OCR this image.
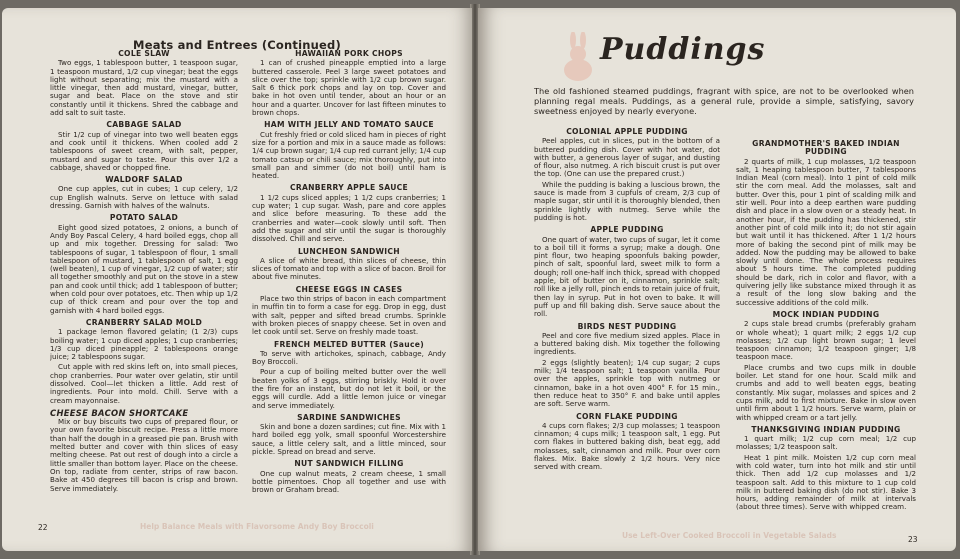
Meats and Entrees (Continued)
COLE SLAW

Two eggs, 1 tablespoon butter, 1 teaspoon sugar, 1 teaspoon mustard, 1/2 cup vinegar; beat the eggs light without separating; mix the mustard with a little vinegar, then add mustard, vinegar, butter, sugar and beat. Place on the stove and stir constantly until it thickens. Shred the cabbage and add salt to suit taste.

CABBAGE SALAD

Stir 1/2 cup of vinegar into two well beaten eggs and cook until it thickens. When cooled add 2 tablespoons of sweet cream, with salt, pepper, mustard and sugar to taste. Pour this over 1/2 a cabbage, shaved or chopped fine.

WALDORF SALAD

One cup apples, cut in cubes; 1 cup celery, 1/2 cup English walnuts. Serve on lettuce with salad dressing. Garnish with halves of the walnuts.

POTATO SALAD

Eight good sized potatoes, 2 onions, a bunch of Andy Boy Pascal Celery, 4 hard boiled eggs, chop all up and mix together. Dressing for salad: Two tablespoons of sugar, 1 tablespoon of flour, 1 small tablespoon of mustard, 1 tablespoon of salt, 1 egg (well beaten), 1 cup of vinegar, 1/2 cup of water; stir all together smoothly and put on the stove in a stew pan and cook until thick; add 1 tablespoon of butter; when cold pour over potatoes, etc. Then whip up 1/2 cup of thick cream and pour over the top and garnish with 4 hard boiled eggs.

CRANBERRY SALAD MOLD

1 package lemon flavored gelatin; (1 2/3) cups boiling water; 1 cup diced apples; 1 cup cranberries; 1/3 cup diced pineapple; 2 tablespoons orange juice; 2 tablespoons sugar.

Cut apple with red skins left on, into small pieces, chop cranberries. Pour water over gelatin, stir until dissolved. Cool—let thicken a little. Add rest of ingredients. Pour into mold. Chill. Serve with a cream mayonnaise.

CHEESE BACON SHORTCAKE

Mix or buy biscuits two cups of prepared flour, or your own favorite biscuit recipe. Press a little more than half the dough in a greased pie pan. Brush with melted butter and cover with thin slices of easy melting cheese. Pat out rest of dough into a circle a little smaller than bottom layer. Place on the cheese. On top, radiate from center, strips of raw bacon. Bake at 450 degrees till bacon is crisp and brown. Serve immediately.

HAWAIIAN PORK CHOPS

1 can of crushed pineapple emptied into a large buttered casserole. Peel 3 large sweet potatoes and slice over the top; sprinkle with 1/2 cup brown sugar. Salt 6 thick pork chops and lay on top. Cover and bake in hot oven until tender, about an hour or an hour and a quarter. Uncover for last fifteen minutes to brown chops.

HAM WITH JELLY AND TOMATO SAUCE

Cut freshly fried or cold sliced ham in pieces of right size for a portion and mix in a sauce made as follows: 1/4 cup brown sugar; 1/4 cup red currant jelly; 1/4 cup tomato catsup or chili sauce; mix thoroughly, put into small pan and simmer (do not boil) until ham is heated.

CRANBERRY APPLE SAUCE

1 1/2 cups sliced apples; 1 1/2 cups cranberries; 1 cup water; 1 cup sugar. Wash, pare and core apples and slice before measuring. To these add the cranberries and water—cook slowly until soft. Then add the sugar and stir until the sugar is thoroughly dissolved. Chill and serve.

LUNCHEON SANDWICH

A slice of white bread, thin slices of cheese, thin slices of tomato and top with a slice of bacon. Broil for about five minutes.

CHEESE EGGS IN CASES

Place two thin strips of bacon in each compartment in muffin tin to form a case for egg. Drop in egg, dust with salt, pepper and sifted bread crumbs. Sprinkle with broken pieces of snappy cheese. Set in oven and let cook until set. Serve on freshly made toast.

FRENCH MELTED BUTTER (Sauce)

To serve with artichokes, spinach, cabbage, Andy Boy Broccoli.

Pour a cup of boiling melted butter over the well beaten yolks of 3 eggs, stirring briskly. Hold it over the fire for an instant, but do not let it boil, or the eggs will curdle. Add a little lemon juice or vinegar and serve immediately.

SARDINE SANDWICHES

Skin and bone a dozen sardines; cut fine. Mix with 1 hard boiled egg yolk, small spoonful Worcestershire sauce, a little celery salt, and a little minced, sour pickle. Spread on bread and serve.

NUT SANDWICH FILLING

One cup walnut meats, 2 cream cheese, 1 small bottle pimentoes. Chop all together and use with brown or Graham bread.

Puddings
The old fashioned steamed puddings, fragrant with spice, are not to be overlooked when planning regal meals. Puddings, as a general rule, provide a simple, satisfying, savory sweetness enjoyed by nearly everyone.
COLONIAL APPLE PUDDING

Peel apples, cut in slices, put in the bottom of a buttered pudding dish. Cover with hot water, dot with butter, a generous layer of sugar, and dusting of flour, also nutmeg. A rich biscuit crust is put over the top. (One can use the prepared crust.)

While the pudding is baking a luscious brown, the sauce is made from 3 cupfuls of cream, 2/3 cup of maple sugar, stir until it is thoroughly blended, then sprinkle lightly with nutmeg. Serve while the pudding is hot.

APPLE PUDDING

One quart of water, two cups of sugar, let it come to a boil till it forms a syrup; make a dough. One pint flour, two heaping spoonfuls baking powder, pinch of salt, spoonful lard, sweet milk to form a dough; roll one-half inch thick, spread with chopped apple, bit of butter on it, cinnamon, sprinkle salt; roll like a jelly roll, pinch ends to retain juice of fruit, then lay in syrup. Put in hot oven to bake. It will puff up and fill baking dish. Serve sauce about the roll.

BIRDS NEST PUDDING

Peel and core five medium sized apples. Place in a buttered baking dish. Mix together the following ingredients.

2 eggs (slightly beaten); 1/4 cup sugar; 2 cups milk; 1/4 teaspoon salt; 1 teaspoon vanilla. Pour over the apples, sprinkle top with nutmeg or cinnamon, bake in a hot oven 400° F. for 15 min., then reduce heat to 350° F. and bake until apples are soft. Serve warm.

CORN FLAKE PUDDING

4 cups corn flakes; 2/3 cup molasses; 1 teaspoon cinnamon; 4 cups milk; 1 teaspoon salt, 1 egg. Put corn flakes in buttered baking dish, beat egg, add molasses, salt, cinnamon and milk. Pour over corn flakes. Mix. Bake slowly 2 1/2 hours. Very nice served with cream.

GRANDMOTHER'S BAKED INDIAN PUDDING

2 quarts of milk, 1 cup molasses, 1/2 teaspoon salt, 1 heaping tablespoon butter, 7 tablespoons Indian Meal (corn meal). Into 1 pint of cold milk stir the corn meal. Add the molasses, salt and butter. Over this, pour 1 pint of scalding milk and stir well. Pour into a deep earthen ware pudding dish and place in a slow oven or a steady heat. In another hour, if the pudding has thickened, stir another pint of cold milk into it; do not stir again but wait until it has thickened. After 1 1/2 hours more of baking the second pint of milk may be added. Now the pudding may be allowed to bake slowly until done. The whole process requires about 5 hours time. The completed pudding should be dark, rich in color and flavor, with a quivering jelly like substance mixed through it as a result of the long slow baking and the successive additions of the cold milk.

MOCK INDIAN PUDDING

2 cups stale bread crumbs (preferably graham or whole wheat); 1 quart milk; 2 eggs 1/2 cup molasses; 1/2 cup light brown sugar; 1 level teaspoon cinnamon; 1/2 teaspoon ginger; 1/8 teaspoon mace.

Place crumbs and two cups milk in double boiler. Let stand for one hour. Scald milk and crumbs and add to well beaten eggs, beating constantly. Mix sugar, molasses and spices and 2 cups milk, add to first mixture. Bake in slow oven until firm about 1 1/2 hours. Serve warm, plain or with whipped cream or a tart jelly.

THANKSGIVING INDIAN PUDDING

1 quart milk; 1/2 cup corn meal; 1/2 cup molasses; 1/2 teaspoon salt.

Heat 1 pint milk. Moisten 1/2 cup corn meal with cold water, turn into hot milk and stir until thick. Then add 1/2 cup molasses and 1/2 teaspoon salt. Add to this mixture to 1 cup cold milk in buttered baking dish (do not stir). Bake 3 hours, adding remainder of milk at intervals (about three times). Serve with whipped cream.

22	Help Balance Meals with Flavorsome Andy Boy Broccoli
23
Use Left-Over Cooked Broccoli in Vegetable Salads
